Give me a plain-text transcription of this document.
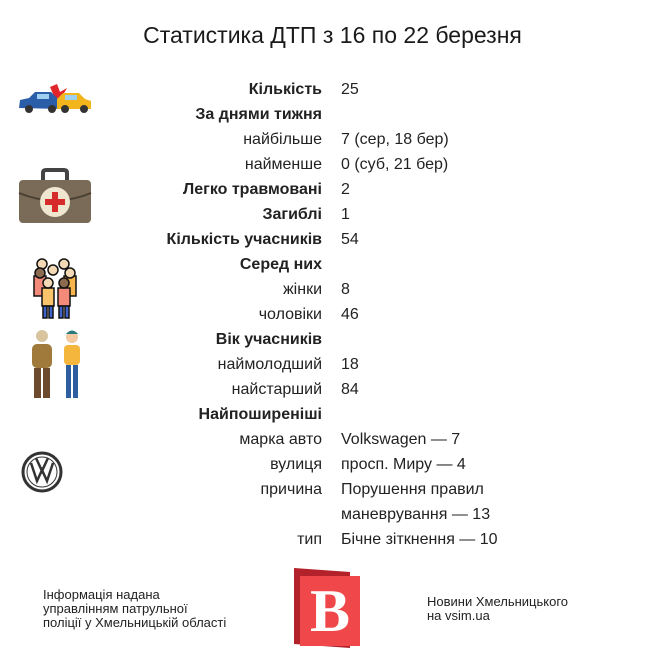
Статистика ДТП з 16 по 22 березня
Кількість 25
За днями тижня
найбільше 7 (сер, 18 бер)
найменше 0 (суб, 21 бер)
Легко травмовані 2
Загиблі 1
Кількість учасників 54
Серед них
жінки 8
чоловіки 46
Вік учасників
наймолодший 18
найстарший 84
Найпоширеніші
марка авто Volkswagen — 7
вулиця просп. Миру — 4
причина Порушення правил
маневрування — 13
тип Бічне зіткнення — 10
Інформація надана
управлінням патрульної
поліції у Хмельницькій області B	Новини Хмельницького
на vsim.ua
